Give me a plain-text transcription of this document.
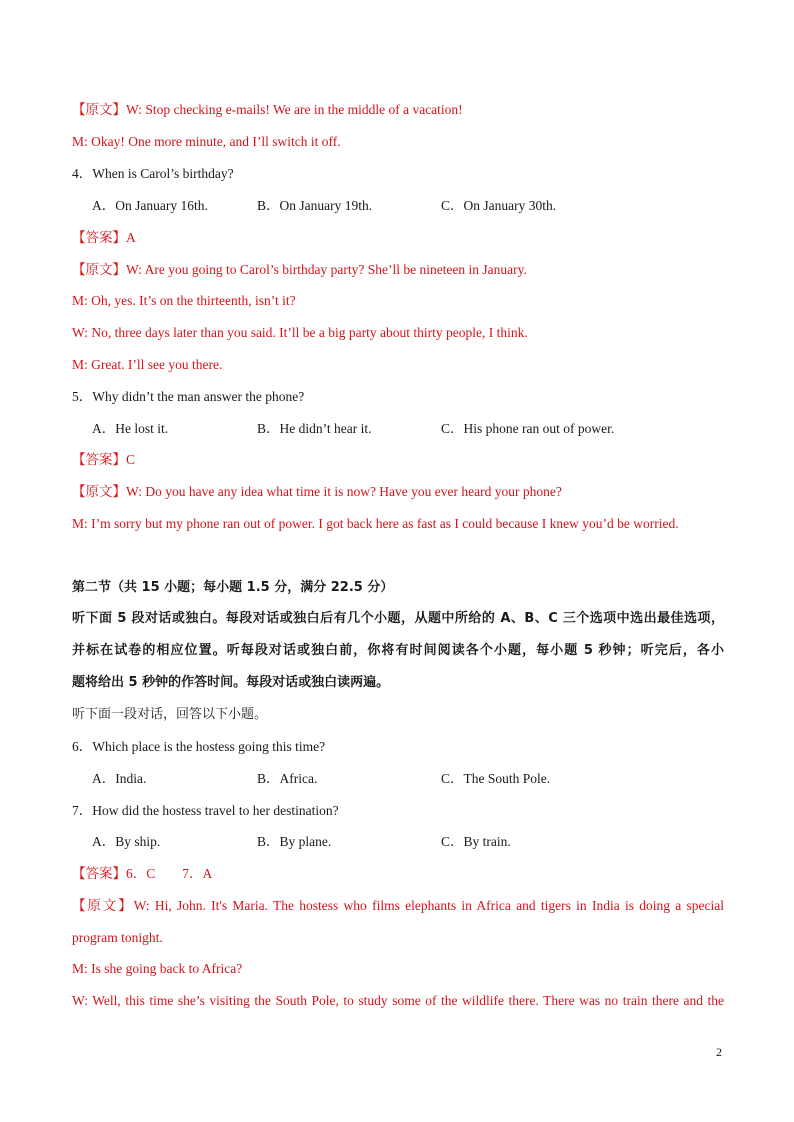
【原文】W: Stop checking e-mails! We are in the middle of a vacation!
M: Okay! One more minute, and I’ll switch it off.
4．When is Carol’s birthday?
A．On January 16th.	B．On January 19th.	C．On January 30th.
【答案】A
【原文】W: Are you going to Carol’s birthday party? She’ll be nineteen in January.
M: Oh, yes. It’s on the thirteenth, isn’t it?
W: No, three days later than you said. It’ll be a big party about thirty people, I think.
M: Great. I’ll see you there.
5．Why didn’t the man answer the phone?
A．He lost it.	B．He didn’t hear it.	C．His phone ran out of power.
【答案】C
【原文】W: Do you have any idea what time it is now? Have you ever heard your phone?
M: I’m sorry but my phone ran out of power. I got back here as fast as I could because I knew you’d be worried.
第二节（共 15 小题；每小题 1.5 分，满分 22.5 分）
听下面 5 段对话或独白。每段对话或独白后有几个小题，从题中所给的 A、B、C 三个选项中选出最佳选项，
并标在试卷的相应位置。听每段对话或独白前，你将有时间阅读各个小题，每小题 5 秒钟；听完后，各小
题将给出 5 秒钟的作答时间。每段对话或独白读两遍。
听下面一段对话，回答以下小题。
6．Which place is the hostess going this time?
A．India.	B．Africa.	C．The South Pole.
7．How did the hostess travel to her destination?
A．By ship.	B．By plane.	C．By train.
【答案】6．C　　7．A
【原文】W: Hi, John. It's Maria. The hostess who films elephants in Africa and tigers in India is doing a special
program tonight.
M: Is she going back to Africa?
W: Well, this time she’s visiting the South Pole, to study some of the wildlife there. There was no train there and the
2
